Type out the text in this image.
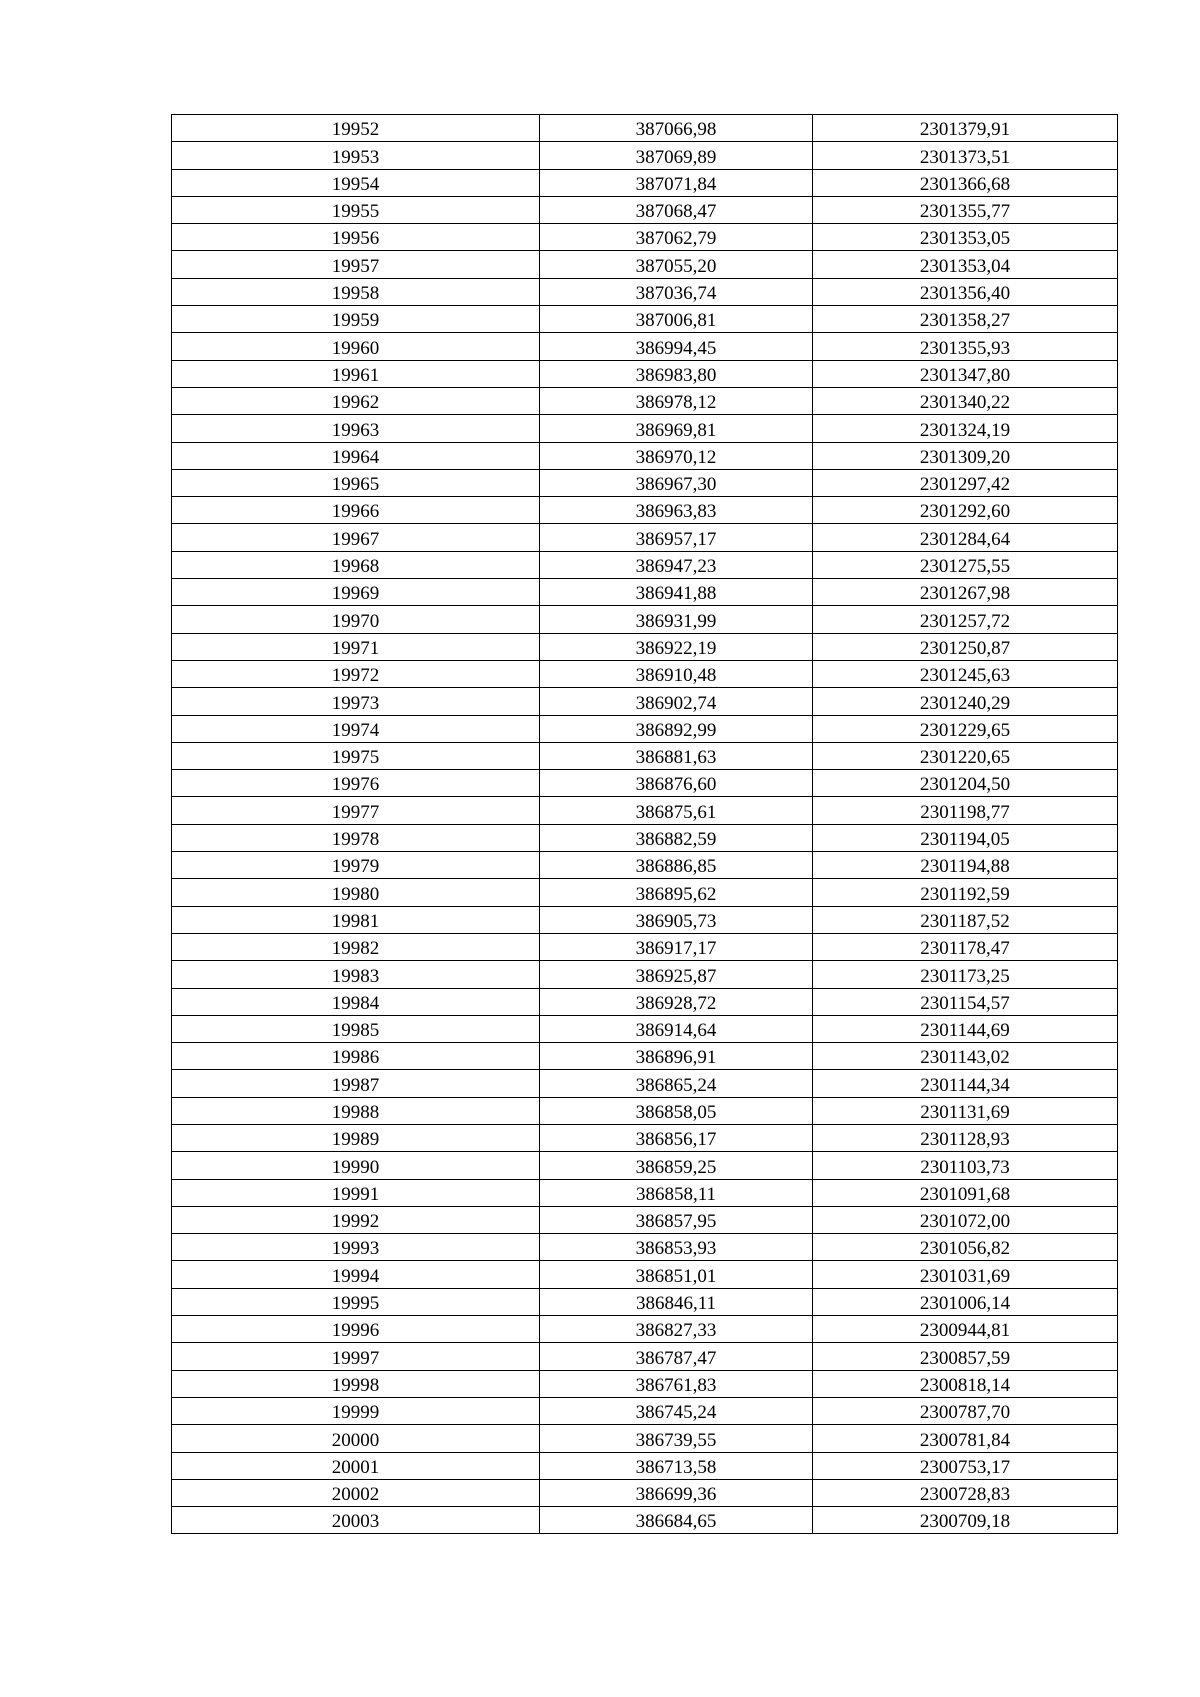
19952	387066,98	2301379,91
19953	387069,89	2301373,51
19954	387071,84	2301366,68
19955	387068,47	2301355,77
19956	387062,79	2301353,05
19957	387055,20	2301353,04
19958	387036,74	2301356,40
19959	387006,81	2301358,27
19960	386994,45	2301355,93
19961	386983,80	2301347,80
19962	386978,12	2301340,22
19963	386969,81	2301324,19
19964	386970,12	2301309,20
19965	386967,30	2301297,42
19966	386963,83	2301292,60
19967	386957,17	2301284,64
19968	386947,23	2301275,55
19969	386941,88	2301267,98
19970	386931,99	2301257,72
19971	386922,19	2301250,87
19972	386910,48	2301245,63
19973	386902,74	2301240,29
19974	386892,99	2301229,65
19975	386881,63	2301220,65
19976	386876,60	2301204,50
19977	386875,61	2301198,77
19978	386882,59	2301194,05
19979	386886,85	2301194,88
19980	386895,62	2301192,59
19981	386905,73	2301187,52
19982	386917,17	2301178,47
19983	386925,87	2301173,25
19984	386928,72	2301154,57
19985	386914,64	2301144,69
19986	386896,91	2301143,02
19987	386865,24	2301144,34
19988	386858,05	2301131,69
19989	386856,17	2301128,93
19990	386859,25	2301103,73
19991	386858,11	2301091,68
19992	386857,95	2301072,00
19993	386853,93	2301056,82
19994	386851,01	2301031,69
19995	386846,11	2301006,14
19996	386827,33	2300944,81
19997	386787,47	2300857,59
19998	386761,83	2300818,14
19999	386745,24	2300787,70
20000	386739,55	2300781,84
20001	386713,58	2300753,17
20002	386699,36	2300728,83
20003	386684,65	2300709,18
